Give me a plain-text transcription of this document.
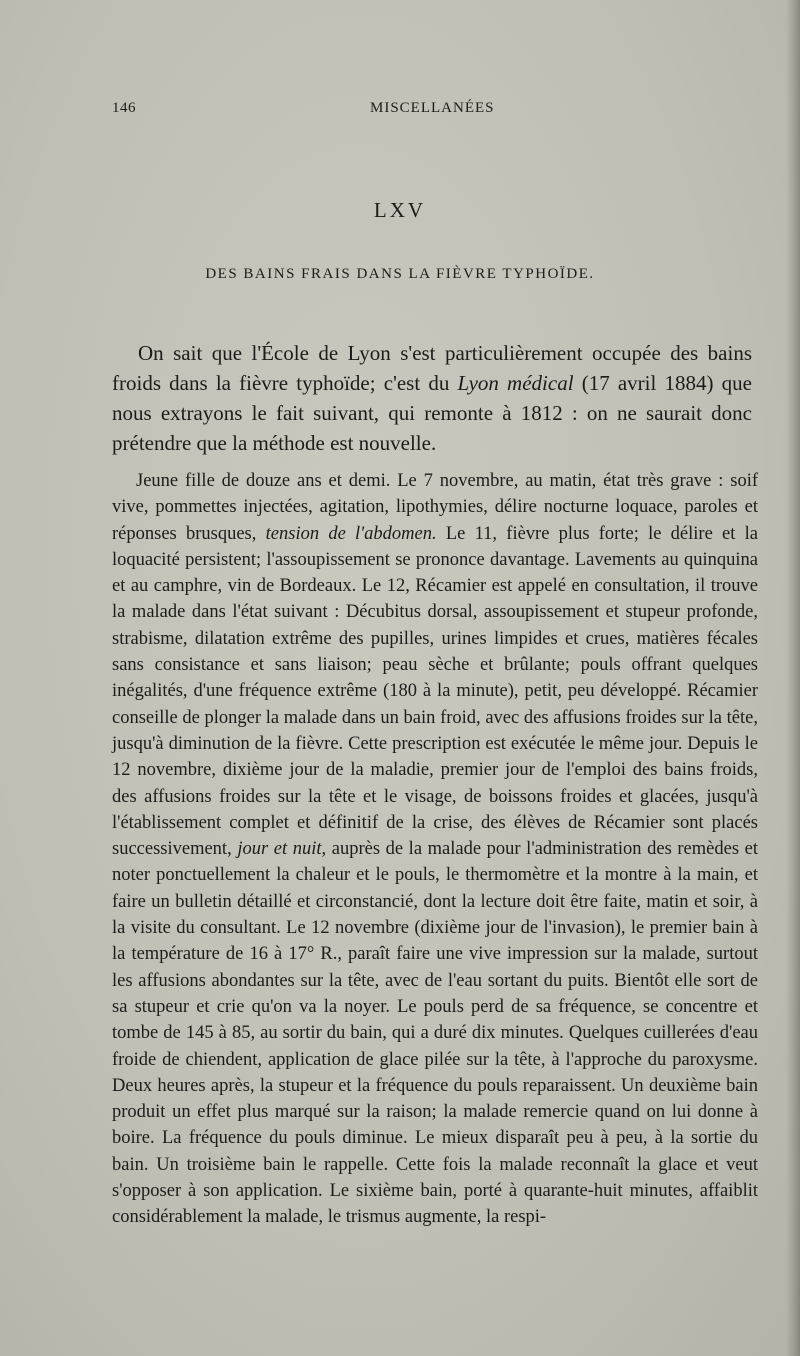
146	MISCELLANÉES
LXV
DES BAINS FRAIS DANS LA FIÈVRE TYPHOÏDE.

On sait que l'École de Lyon s'est particulièrement occupée des bains froids dans la fièvre typhoïde; c'est du Lyon médical (17 avril 1884) que nous extrayons le fait suivant, qui remonte à 1812 : on ne saurait donc prétendre que la méthode est nouvelle.

Jeune fille de douze ans et demi. Le 7 novembre, au matin, état très grave : soif vive, pommettes injectées, agitation, lipothymies, délire nocturne loquace, paroles et réponses brusques, tension de l'abdomen. Le 11, fièvre plus forte; le délire et la loquacité persistent; l'assoupissement se prononce davantage. Lavements au quinquina et au camphre, vin de Bordeaux. Le 12, Récamier est appelé en consultation, il trouve la malade dans l'état suivant : Décubitus dorsal, assoupissement et stupeur profonde, strabisme, dilatation extrême des pupilles, urines limpides et crues, matières fécales sans consistance et sans liaison; peau sèche et brûlante; pouls offrant quelques inégalités, d'une fréquence extrême (180 à la minute), petit, peu développé. Récamier conseille de plonger la malade dans un bain froid, avec des affusions froides sur la tête, jusqu'à diminution de la fièvre. Cette prescription est exécutée le même jour. Depuis le 12 novembre, dixième jour de la maladie, premier jour de l'emploi des bains froids, des affusions froides sur la tête et le visage, de boissons froides et glacées, jusqu'à l'établissement complet et définitif de la crise, des élèves de Récamier sont placés successivement, jour et nuit, auprès de la malade pour l'administration des remèdes et noter ponctuellement la chaleur et le pouls, le thermomètre et la montre à la main, et faire un bulletin détaillé et circonstancié, dont la lecture doit être faite, matin et soir, à la visite du consultant. Le 12 novembre (dixième jour de l'invasion), le premier bain à la température de 16 à 17° R., paraît faire une vive impression sur la malade, surtout les affusions abondantes sur la tête, avec de l'eau sortant du puits. Bientôt elle sort de sa stupeur et crie qu'on va la noyer. Le pouls perd de sa fréquence, se concentre et tombe de 145 à 85, au sortir du bain, qui a duré dix minutes. Quelques cuillerées d'eau froide de chiendent, application de glace pilée sur la tête, à l'approche du paroxysme. Deux heures après, la stupeur et la fréquence du pouls reparaissent. Un deuxième bain produit un effet plus marqué sur la raison; la malade remercie quand on lui donne à boire. La fréquence du pouls diminue. Le mieux disparaît peu à peu, à la sortie du bain. Un troisième bain le rappelle. Cette fois la malade reconnaît la glace et veut s'opposer à son application. Le sixième bain, porté à quarante-huit minutes, affaiblit considérablement la malade, le trismus augmente, la respi-
